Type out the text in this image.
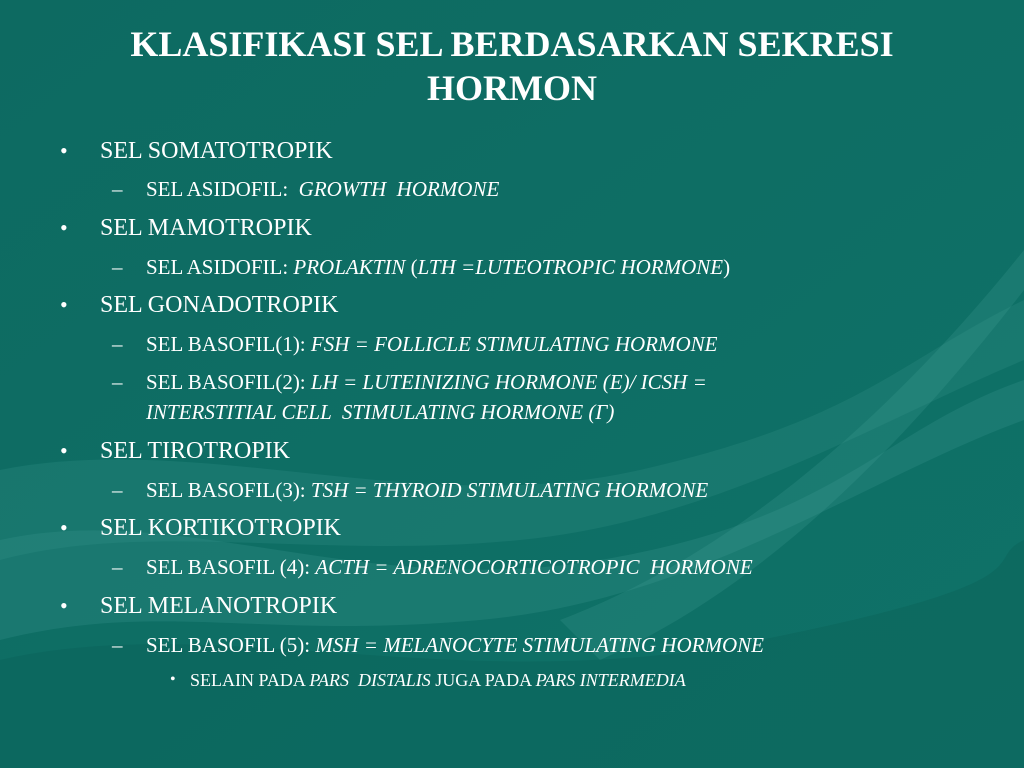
KLASIFIKASI SEL BERDASARKAN SEKRESI
HORMON
• SEL SOMATOTROPIK
– SEL ASIDOFIL: GROWTH  HORMONE
• SEL MAMOTROPIK
– SEL ASIDOFIL: PROLAKTIN (LTH =LUTEOTROPIC HORMONE)
• SEL GONADOTROPIK
– SEL BASOFIL(1): FSH = FOLLICLE STIMULATING HORMONE
– SEL BASOFIL(2): LH = LUTEINIZING HORMONE (E)/ ICSH =
INTERSTITIAL CELL  STIMULATING HORMONE (Г)
• SEL TIROTROPIK
– SEL BASOFIL(3): TSH = THYROID STIMULATING HORMONE
• SEL KORTIKOTROPIK
– SEL BASOFIL (4): ACTH = ADRENOCORTICOTROPIC  HORMONE
• SEL MELANOTROPIK
– SEL BASOFIL (5): MSH = MELANOCYTE STIMULATING HORMONE
• SELAIN PADA PARS  DISTALIS JUGA PADA PARS INTERMEDIA
